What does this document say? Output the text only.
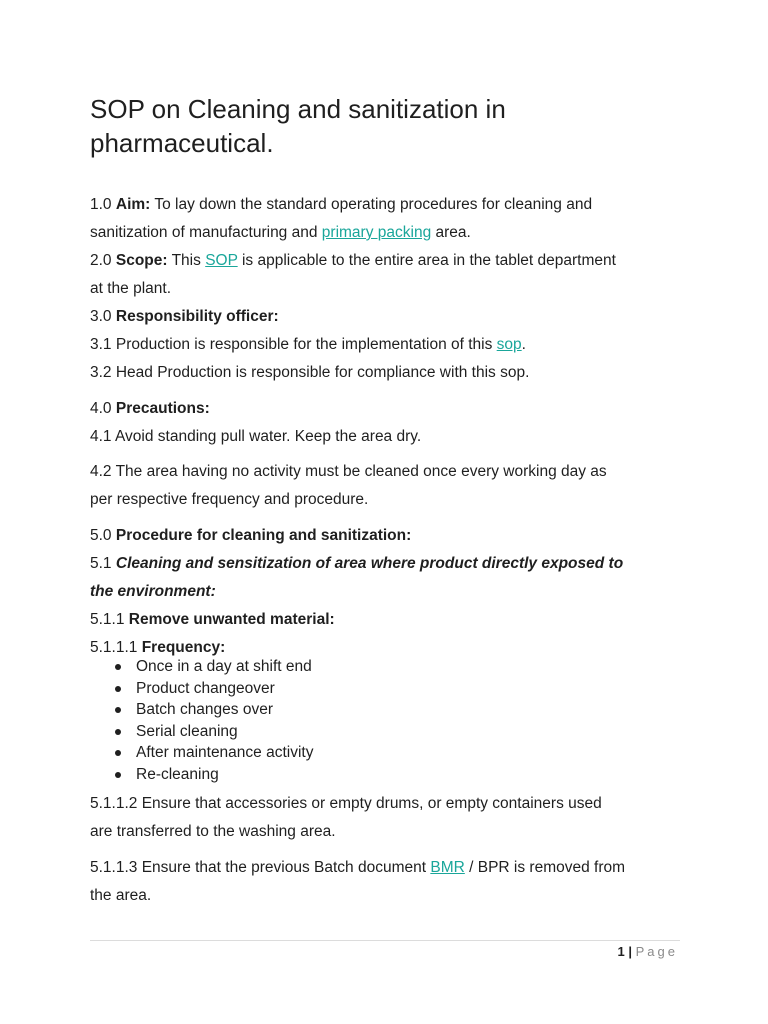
SOP on Cleaning and sanitization in pharmaceutical.
1.0 Aim: To lay down the standard operating procedures for cleaning and
sanitization of manufacturing and primary packing area.
2.0 Scope: This SOP is applicable to the entire area in the tablet department
at the plant.
3.0 Responsibility officer:
3.1 Production is responsible for the implementation of this sop.
3.2 Head Production is responsible for compliance with this sop.
4.0 Precautions:
4.1 Avoid standing pull water. Keep the area dry.
4.2 The area having no activity must be cleaned once every working day as
per respective frequency and procedure.
5.0 Procedure for cleaning and sanitization:
5.1 Cleaning and sensitization of area where product directly exposed to
the environment:
5.1.1 Remove unwanted material:
5.1.1.1 Frequency:
Once in a day at shift end
Product changeover
Batch changes over
Serial cleaning
After maintenance activity
Re-cleaning
5.1.1.2 Ensure that accessories or empty drums, or empty containers used
are transferred to the washing area.
5.1.1.3 Ensure that the previous Batch document BMR / BPR is removed from
the area.
1 | Page
